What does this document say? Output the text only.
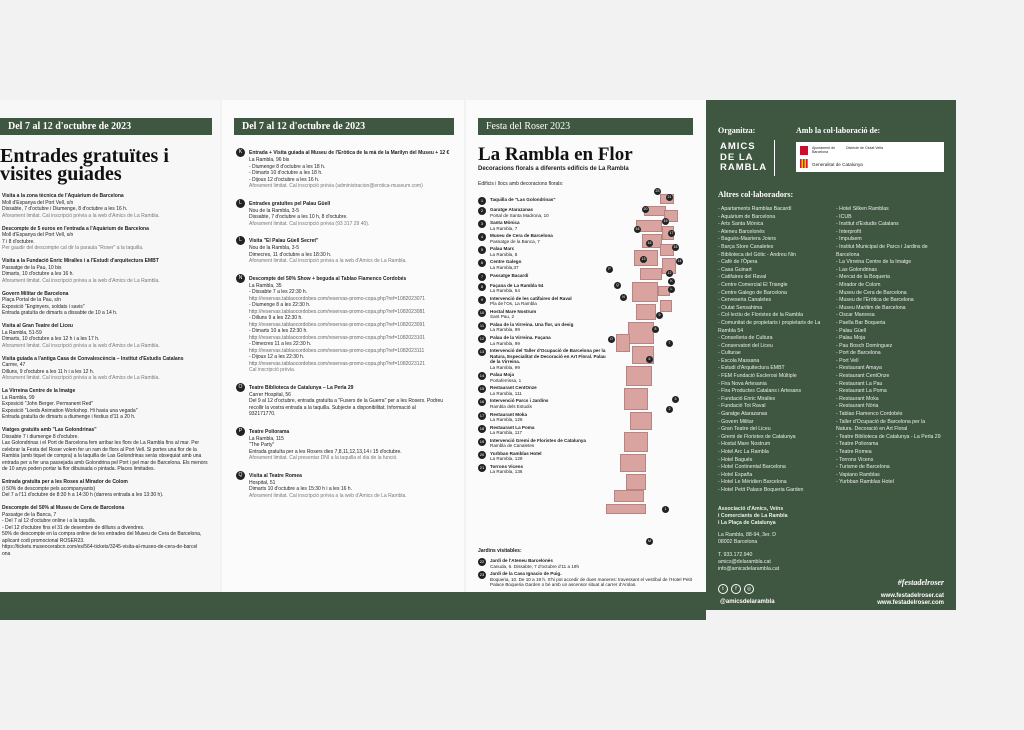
Del 7 al 12 d'octubre de 2023
Entrades gratuïtes i
visites guiades
Visita a la zona tècnica de l'Aquàrium de Barcelona
Moll d'Espanya del Port Vell, s/n
Dissabte, 7 d'octubre i Diumenge, 8 d'octubre a les 16 h.
Aforament limitat. Cal inscripció prèvia a la web d'Amics de La Rambla.
Descompte de 5 euros en l'entrada a l'Aquàrium de Barcelona
Moll d'Espanya del Port Vell, s/n
7 i 8 d'octubre.
Per gaudir del descompte cal dir la paraula "Roser" a la taquilla.
Visita a la Fundació Enric Miralles i a l'Estudi d'arquitectura EMBT
Passatge de la Pau, 10 bis
Dimarts, 10 d'octubre a les 16 h.
Aforament limitat. Cal inscripció prèvia a la web d'Amics de La Rambla.
Govern Militar de Barcelona
Plaça Portal de la Pau, s/n
Exposició "Enginyers, soldats i savis"
Entrada gratuïta de dimarts a dissabte de 10 a 14 h.
Visita al Gran Teatre del Liceu
La Rambla, 51-59
Dimarts, 10 d'octubre a les 12 h i a les 17 h.
Aforament limitat. Cal inscripció prèvia a la web d'Amics de La Rambla.
Visita guiada a l'antiga Casa de Convalescència – Institut d'Estudis Catalans
Carme, 47
Dilluns, 9 d'octubre a les 11 h i a les 12 h.
Aforament limitat. Cal inscripció prèvia a la web d'Amics de La Rambla.
La Virreina Centre de la Imatge
La Rambla, 99
Exposició "John Berger. Permanent Red"
Exposició "Loeds Animation Workshop. Hi havia una vegada"
Entrada gratuïta de dimarts a diumenge i festius d'11 a 20 h.
Viatges gratuïts amb "Las Golondrinas"
Dissabte 7 i diumenge 8 d'octubre.
Las Golondrinas i el Port de Barcelona fem arribar les flors de La Rambla fins al mar. Per
celebrar la Festa del Roser volem fer un ram de flors al Port Vell. Si portes una flor de la
Rambla (amb tiquet de compra) a la taquilla de Las Golondrinas seràs obsequiat amb una
entrada per a fer una passejada amb Golondrina pel Port i pel mar de Barcelona. Els menors
de 10 anys poden portar la flor dibuixada o pintada. Places limitades.
Entrada gratuïta per a les Roses al Mirador de Colom
(i 50% de descompte pels acompanyants)
Del 7 a l'11 d'octubre de 8:30 h a 14:30 h (darrera entrada a les 13:30 h).
Descompte del 50% al Museu de Cera de Barcelona
Passatge de la Banca, 7
- Del 7 al 12 d'octubre online i a la taquilla.
- Del 12 d'octubre fins el 31 de desembre de dilluns a divendres.
50% de descompte en la compra online de les entrades del Museu de Cera de Barcelona,
aplicant codi promocional ROSER23.
https://tickets.museocerabcn.com/es/564-tickets/3245-visita-al-museo-de-cera-de-barcel
ona
Del 7 al 12 d'octubre de 2023
K Entrada + Visita guiada al Museu de l'Eròtica de la mà de la Marilyn del Museu + 12 €
La Rambla, 96 bis
- Diumenge 8 d'octubre a les 18 h.
- Dimarts 10 d'octubre a les 18 h.
- Dijous 12 d'octubre a les 16 h.
Aforament limitat. Cal inscripció prèvia (administracion@erotica-museum.com)
L Entrades gratuïtes pel Palau Güell
Nou de la Rambla, 3-5
Dissabte, 7 d'octubre a les 10 h, 8 d'octubre.
Aforament limitat. Cal inscripció prèvia (93 317 29 40).
L Visita "El Palau Güell Secret"
Nou de la Rambla, 3-5
Dimecres, 11 d'octubre a les 18:30 h.
Aforament limitat. Cal inscripció prèvia a la web d'Amics de La Rambla.
N Descompte del 50% Show + beguda al Tablao Flamenco Cordobés
La Rambla, 35
- Dissabte 7 a les 22:30 h.
http://reservas.tablaocordobes.com/reservas-promo-copa.php?ref=1082023071
- Diumenge 8 a les 22:30 h.
http://reservas.tablaocordobes.com/reservas-promo-copa.php?ref=1082023081
- Dilluns 9 a les 22:30 h.
http://reservas.tablaocordobes.com/reservas-promo-copa.php?ref=1082023091
- Dimarts 10 a les 22:30 h.
http://reservas.tablaocordobes.com/reservas-promo-copa.php?ref=1082023101
- Dimecres 11 a les 22:30 h.
http://reservas.tablaocordobes.com/reservas-promo-copa.php?ref=1082023111
- Dijous 12 a les 22:30 h.
http://reservas.tablaocordobes.com/reservas-promo-copa.php?ref=1082023121
Cal inscripció prèvia.
O Teatre Biblioteca de Catalunya – La Perla 29
Carrer Hospital, 56
Del 9 al 12 d'octubre, entrada gratuïta a "Fusers de la Guerra" per a les Rosers. Podreu
recollir la vostra entrada a la taquilla. Subjecte a disponibilitat. Informació al
932171770.
P Teatre Poliorama
La Rambla, 115
"The Party"
Entrada gratuïta per a les Rosers dies 7,8,11,12,13,14 i 15 d'octubre.
Aforament limitat. Cal presentar DNI a la taquilla el dia de la funció.
Q Visita al Teatre Romea
Hospital, 51
Dimarts 10 d'octubre a les 15:30 h i a les 16 h.
Aforament limitat. Cal inscripció prèvia a la web d'Amics de La Rambla.
Festa del Roser 2023
La Rambla en Flor
Decoracions florals a diferents edificis de La Rambla
Edificis i llocs amb decoracions florals:
1	Taquilla de "Las Golondrinas"
2	Garatge Atarazanas
Portal de Santa Madrona, 10
3	Santa Mònica
La Rambla, 7
4	Museu de Cera de Barcelona
Passatge de la Banca, 7
5	Palau Marc
La Rambla, 8
6	Centre Galego
La Rambla,37
7	Passatge Bacardí
8	Façana de La Rambla 54
La Rambla, 54
9	Intervenció de les catifaires del Raval
Pla de l'Os, La Rambla
10	Hostal Mare Nostrum
Sant Pau, 2
11	Palau de la Virreina. Una flor, un desig
La Rambla, 99
12	Palau de la Virreina. Façana
La Rambla, 99
13	Intervenció del Taller d'Ocupació de Barcelona per la Natura, Especialitat de Decoració en Art Floral. Palau de la Virreina.
La Rambla, 99
14	Palau Moja
Portaferrissa, 1
15	Restaurant CentOnze
La Rambla, 111
16	Intervenció Parcs i Jardins
Rambla dels Estudis
17	Restaurant Moka
La Rambla, 126
18	Restaurant La Poma
La Rambla, 117
19	Intervenció Gremi de Floristes de Catalunya
Rambla de Canaletes
20	Yurbban Ramblas Hotel
La Rambla, 129
21	Torrons Vicens
La Rambla, 136
Jardins visitables:
22	Jardí de l'Ateneu Barcelonès
Canuda, 6. Dissabte, 7 d'octubre d'11 a 19h
23	Jardí de la Casa Ignacio de Puig.
Boqueria, 10. De 10 a 19 h. S'hi pot accedir de dues maneres: travessant el vestíbul de l'Hotel Petit Palace Boqueria Garden o bé amb un ascensor situat al carrer d'Arolas.
23
21
20
19
18
17
16
15
14
13
12
P
Q
K
L
N
O
9
8
7
6
3
2
1
M
Organitza:
AMICS
DE LA
RAMBLA
Amb la col·laboració de:
Ajuntament de Barcelona
Districte de Ciutat Vella
Generalitat de Catalunya
Altres col·laboradors:
- Apartaments Ramblas Bacardí
- Aquàrium de Barcelona
- Arts Santa Mònica
- Ateneu Barcelonès
- Bagués-Masriera Joiers
- Barça Store Canaletes
- Biblioteca del Gòtic - Andreu Nin
- Cafè de l'Òpera
- Casa Guinart
- Catifaires del Raval
- Centre Comercial El Triangle
- Centre Galego de Barcelona
- Cerveseria Canaletes
- Ciutat Sensahima
- Col·lectiu de Floristes de la Rambla
- Comunitat de propietaris i propietaris de La
Rambla 54
- Conselleria de Cultura
- Conservatori del Liceu
- Culturae
- Escola Massana
- Estudi d'Arquitectura EMBT
- FEM Fundació Esclerosi Múltiple
- Fira Nova Artesania
- Fira Productes Catalans i Artesans
- Fundació Enric Miralles
- Fundació Tot Raval
- Garatge Atarazanas
- Govern Militar
- Gran Teatre del Liceu
- Gremi de Floristes de Catalunya
- Hostal Mare Nostrum
- Hotel Arc La Rambla
- Hotel Bagués
- Hotel Continental Barcelona
- Hotel España
- Hotel Le Méridien Barcelona
- Hotel Petit Palace Boqueria Garden
- Hotel Silken Ramblas
- ICUB
- Institut d'Estudis Catalans
- Interprofit
- Impulsem
- Institut Municipal de Parcs i Jardins de
Barcelona
- La Virreina Centre de la Imatge
- Las Golondrinas
- Mercat de la Boqueria
- Mirador de Colom
- Museu de Cera de Barcelona
- Museu de l'Eròtica de Barcelona
- Museu Marítim de Barcelona
- Oscar Manresa
- Paella Bar Boqueria
- Palau Güell
- Palau Moja
- Pau Bosch Domínguez
- Port de Barcelona
- Port Vell
- Restaurant Amaya
- Restaurant CentOnze
- Restaurant La Pau
- Restaurant La Poma
- Restaurant Moka
- Restaurant Nòria
- Tablao Flamenco Cordobés
- Taller d'Ocupació de Barcelona per la
Natura. Decoració en Art Floral
- Teatre Biblioteca de Catalunya - La Perla 29
- Teatre Poliorama
- Teatre Romea
- Torrons Vicens
- Turisme de Barcelona
- Vapiano Ramblas
- Yurbban Ramblas Hotel
Associació d'Amics, Veïns
i Comerciants de La Rambla
i La Plaça de Catalunya
La Rambla, 88-94, 3er. D
08002 Barcelona
T. 933.172.940
amics@delarambla.cat
info@amicsdelarambla.cat
t	f	◎
@amicsdelarambla
#festadelroser
www.festadelroser.cat
www.festadelroser.com
